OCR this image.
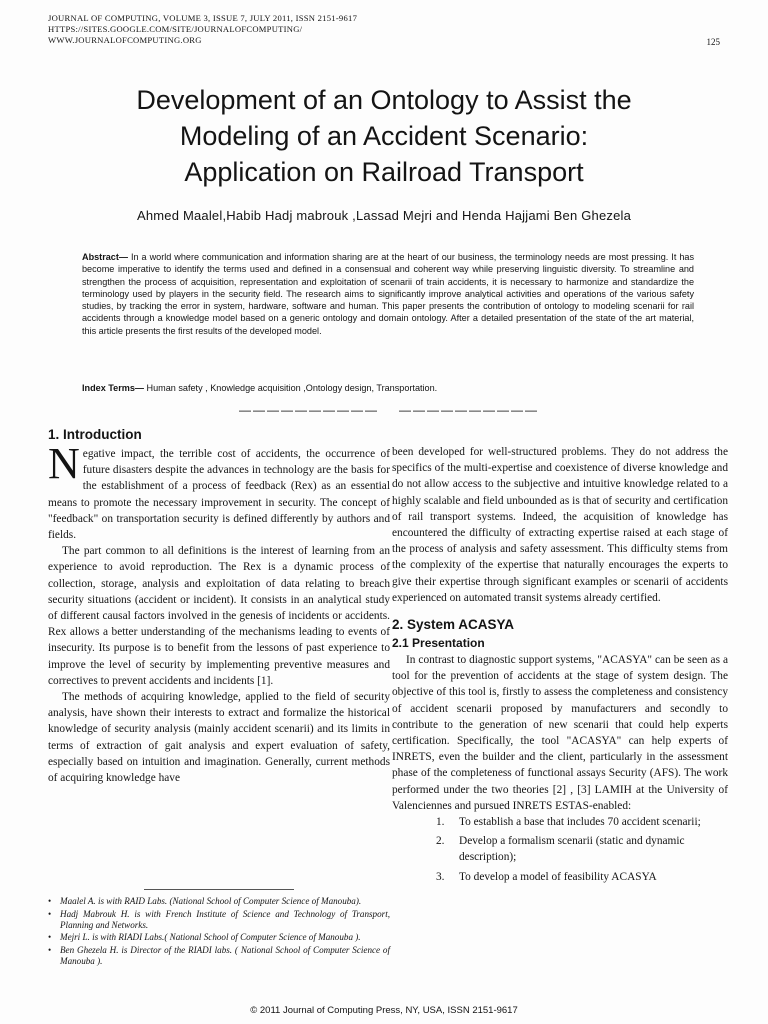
JOURNAL OF COMPUTING, VOLUME 3, ISSUE 7, JULY 2011, ISSN 2151-9617
HTTPS://SITES.GOOGLE.COM/SITE/JOURNALOFCOMPUTING/
WWW.JOURNALOFCOMPUTING.ORG	125
Development of an Ontology to Assist the
Modeling of an Accident Scenario:
Application on Railroad Transport
Ahmed Maalel,Habib Hadj mabrouk ,Lassad Mejri and Henda Hajjami Ben Ghezela

Abstract— In a world where communication and information sharing are at the heart of our business, the terminology needs are most pressing. It has become imperative to identify the terms used and defined in a consensual and coherent way while preserving linguistic diversity. To streamline and strengthen the process of acquisition, representation and exploitation of scenarii of train accidents, it is necessary to harmonize and standardize the terminology used by players in the security field. The research aims to significantly improve analytical activities and operations of the various safety studies, by tracking the error in system, hardware, software and human. This paper presents the contribution of ontology to modeling scenarii for rail accidents through a knowledge model based on a generic ontology and domain ontology. After a detailed presentation of the state of the art material, this article presents the first results of the developed model.

Index Terms— Human safety , Knowledge acquisition ,Ontology design, Transportation.

—————————— ——————————
1. Introduction

Negative impact, the terrible cost of accidents, the occurrence of future disasters despite the advances in technology are the basis for the establishment of a process of feedback (Rex) as an essential means to promote the necessary improvement in security. The concept of "feedback" on transportation security is defined differently by authors and fields.

The part common to all definitions is the interest of learning from an experience to avoid reproduction. The Rex is a dynamic process of collection, storage, analysis and exploitation of data relating to breach security situations (accident or incident). It consists in an analytical study of different causal factors involved in the genesis of incidents or accidents. Rex allows a better understanding of the mechanisms leading to events of insecurity. Its purpose is to benefit from the lessons of past experience to improve the level of security by implementing preventive measures and correctives to prevent accidents and incidents [1].

The methods of acquiring knowledge, applied to the field of security analysis, have shown their interests to extract and formalize the historical knowledge of security analysis (mainly accident scenarii) and its limits in terms of extraction of gait analysis and expert evaluation of safety, especially based on intuition and imagination. Generally, current methods of acquiring knowledge have

been developed for well-structured problems. They do not address the specifics of the multi-expertise and coexistence of diverse knowledge and do not allow access to the subjective and intuitive knowledge related to a highly scalable and field unbounded as is that of security and certification of rail transport systems. Indeed, the acquisition of knowledge has encountered the difficulty of extracting expertise raised at each stage of the process of analysis and safety assessment. This difficulty stems from the complexity of the expertise that naturally encourages the experts to give their expertise through significant examples or scenarii of accidents experienced on automated transit systems already certified.

2. System ACASYA
2.1 Presentation

In contrast to diagnostic support systems, "ACASYA" can be seen as a tool for the prevention of accidents at the stage of system design. The objective of this tool is, firstly to assess the completeness and consistency of accident scenarii proposed by manufacturers and secondly to contribute to the generation of new scenarii that could help experts certification. Specifically, the tool "ACASYA" can help experts of INRETS, even the builder and the client, particularly in the assessment phase of the completeness of functional assays Security (AFS). The work performed under the two theories [2] , [3] LAMIH at the University of Valenciennes and pursued INRETS ESTAS-enabled:

1. To establish a base that includes 70 accident scenarii;
2. Develop a formalism scenarii (static and dynamic description);
3. To develop a model of feasibility ACASYA
• Maalel A. is with RAID Labs. (National School of Computer Science of Manouba).
• Hadj Mabrouk H. is with French Institute of Science and Technology of Transport, Planning and Networks.
• Mejri L. is with RIADI Labs.( National School of Computer Science of Manouba ).
• Ben Ghezela H. is Director of the RIADI labs. ( National School of Computer Science of Manouba ).
© 2011 Journal of Computing Press, NY, USA, ISSN 2151-9617
